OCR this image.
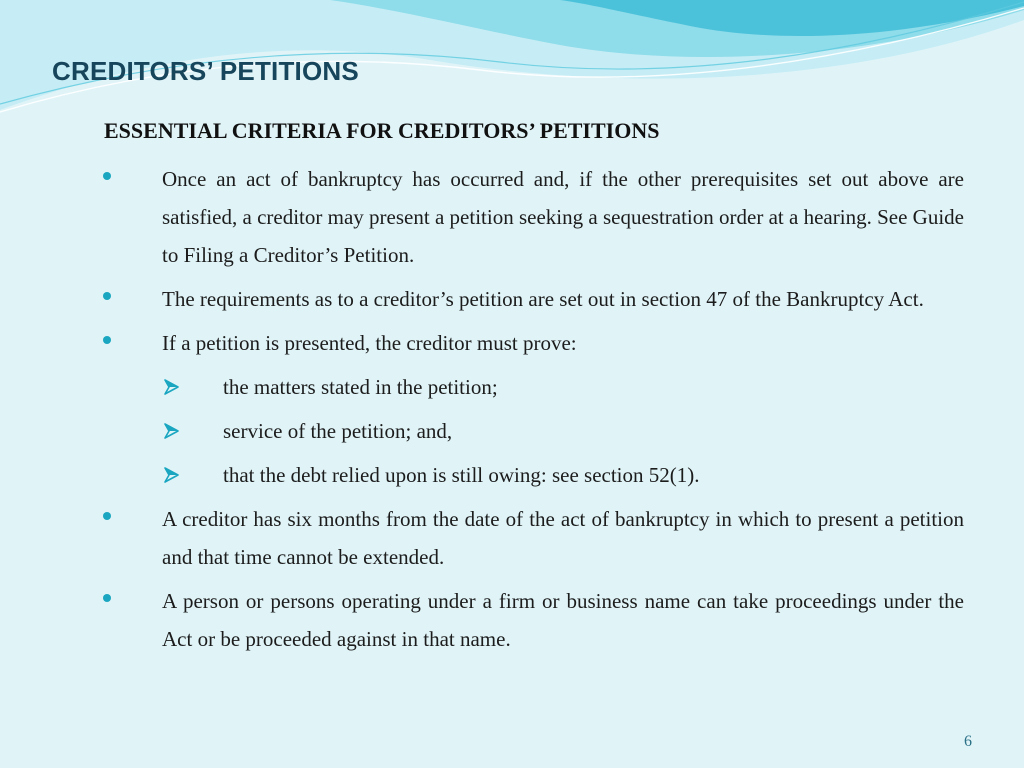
CREDITORS’ PETITIONS
ESSENTIAL CRITERIA FOR CREDITORS’ PETITIONS
Once an act of bankruptcy has occurred and, if the other prerequisites set out above are satisfied, a creditor may present a petition seeking a sequestration order at a hearing. See Guide to Filing a Creditor’s Petition.
The requirements as to a creditor’s petition are set out in section 47 of the Bankruptcy Act.
If a petition is presented, the creditor must prove:
the matters stated in the petition;
service of the petition; and,
that the debt relied upon is still owing: see section 52(1).
A creditor has six months from the date of the act of bankruptcy in which to present a petition and that time cannot be extended.
A person or persons operating under a firm or business name can take proceedings under the Act or be proceeded against in that name.
6
